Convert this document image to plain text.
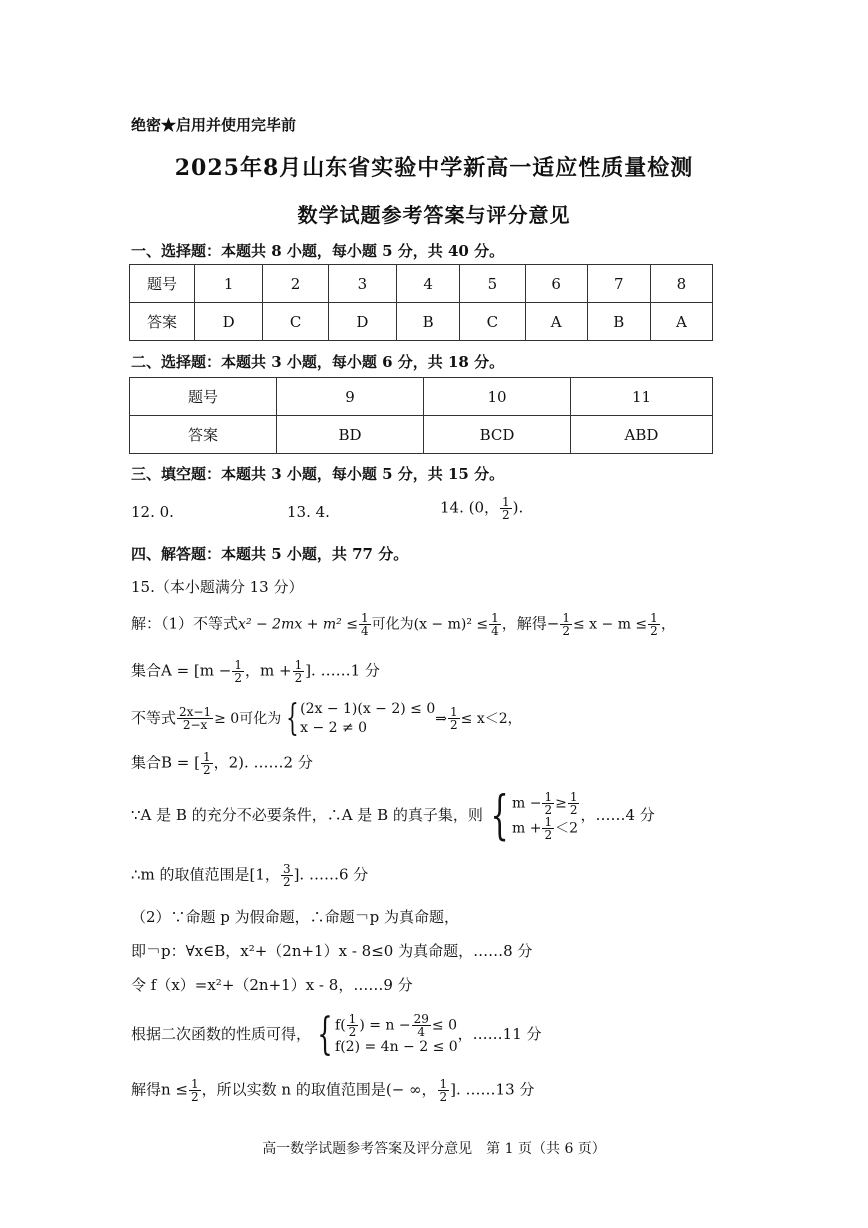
绝密★启用并使用完毕前
2025年8月山东省实验中学新高一适应性质量检测
数学试题参考答案与评分意见
一、选择题：本题共 8 小题，每小题 5 分，共 40 分。
题号	1	2	3	4	5	6	7	8
答案	D	C	D	B	C	A	B	A
二、选择题：本题共 3 小题，每小题 6 分，共 18 分。
题号	9	10	11
答案	BD	BCD	ABD
三、填空题：本题共 3 小题，每小题 5 分，共 15 分。
12. 0.	13. 4.	14. (0， $\frac{1}{2}$ ).
四、解答题：本题共 5 小题，共 77 分。
15.（本小题满分 13 分）
解：（1）不等式$x^2 - 2mx + m^2 \le \frac{1}{4}$ 可化为$(x - m)^2 \le \frac{1}{4}$ ，解得− $\frac{1}{2} \le x - m \le \frac{1}{2}$ ，
集合$A = [m - \frac{1}{2}$ ，$m + \frac{1}{2}$ ]. ……1 分
不等式 $\frac{2x-1}{2-x} \ge 0$可化为 {(2x − 1)(x − 2) ≤ 0
x − 2 ≠ 0⇒ $\frac{1}{2} \le x<2$，
集合B = [ $\frac{1}{2}$ ，2). ……2 分
∵A 是 B 的充分不必要条件，∴A 是 B 的真子集，则 { $m - \frac{1}{2} \ge \frac{1}{2}$

$m + \frac{1}{2} <2$，……4 分
∴m 的取值范围是[1， $\frac{3}{2}$ ]. ……6 分
（2）∵命题 p 为假命题，∴命题￢p 为真命题，
即￢p：∀x∈B，x²+（2n+1）x - 8≤0 为真命题，……8 分
令 f（x）=x²+（2n+1）x - 8，……9 分
根据二次函数的性质可得， { $f( \frac{1}{2}$ ) = $n - \frac{29}{4} \le 0$
f(2) = 4n − 2 ≤ 0，……11 分
解得$n \le \frac{1}{2}$ ，所以实数 n 的取值范围是(− ∞， $\frac{1}{2}$ ]. ……13 分
高一数学试题参考答案及评分意见　第 1 页（共 6 页）
